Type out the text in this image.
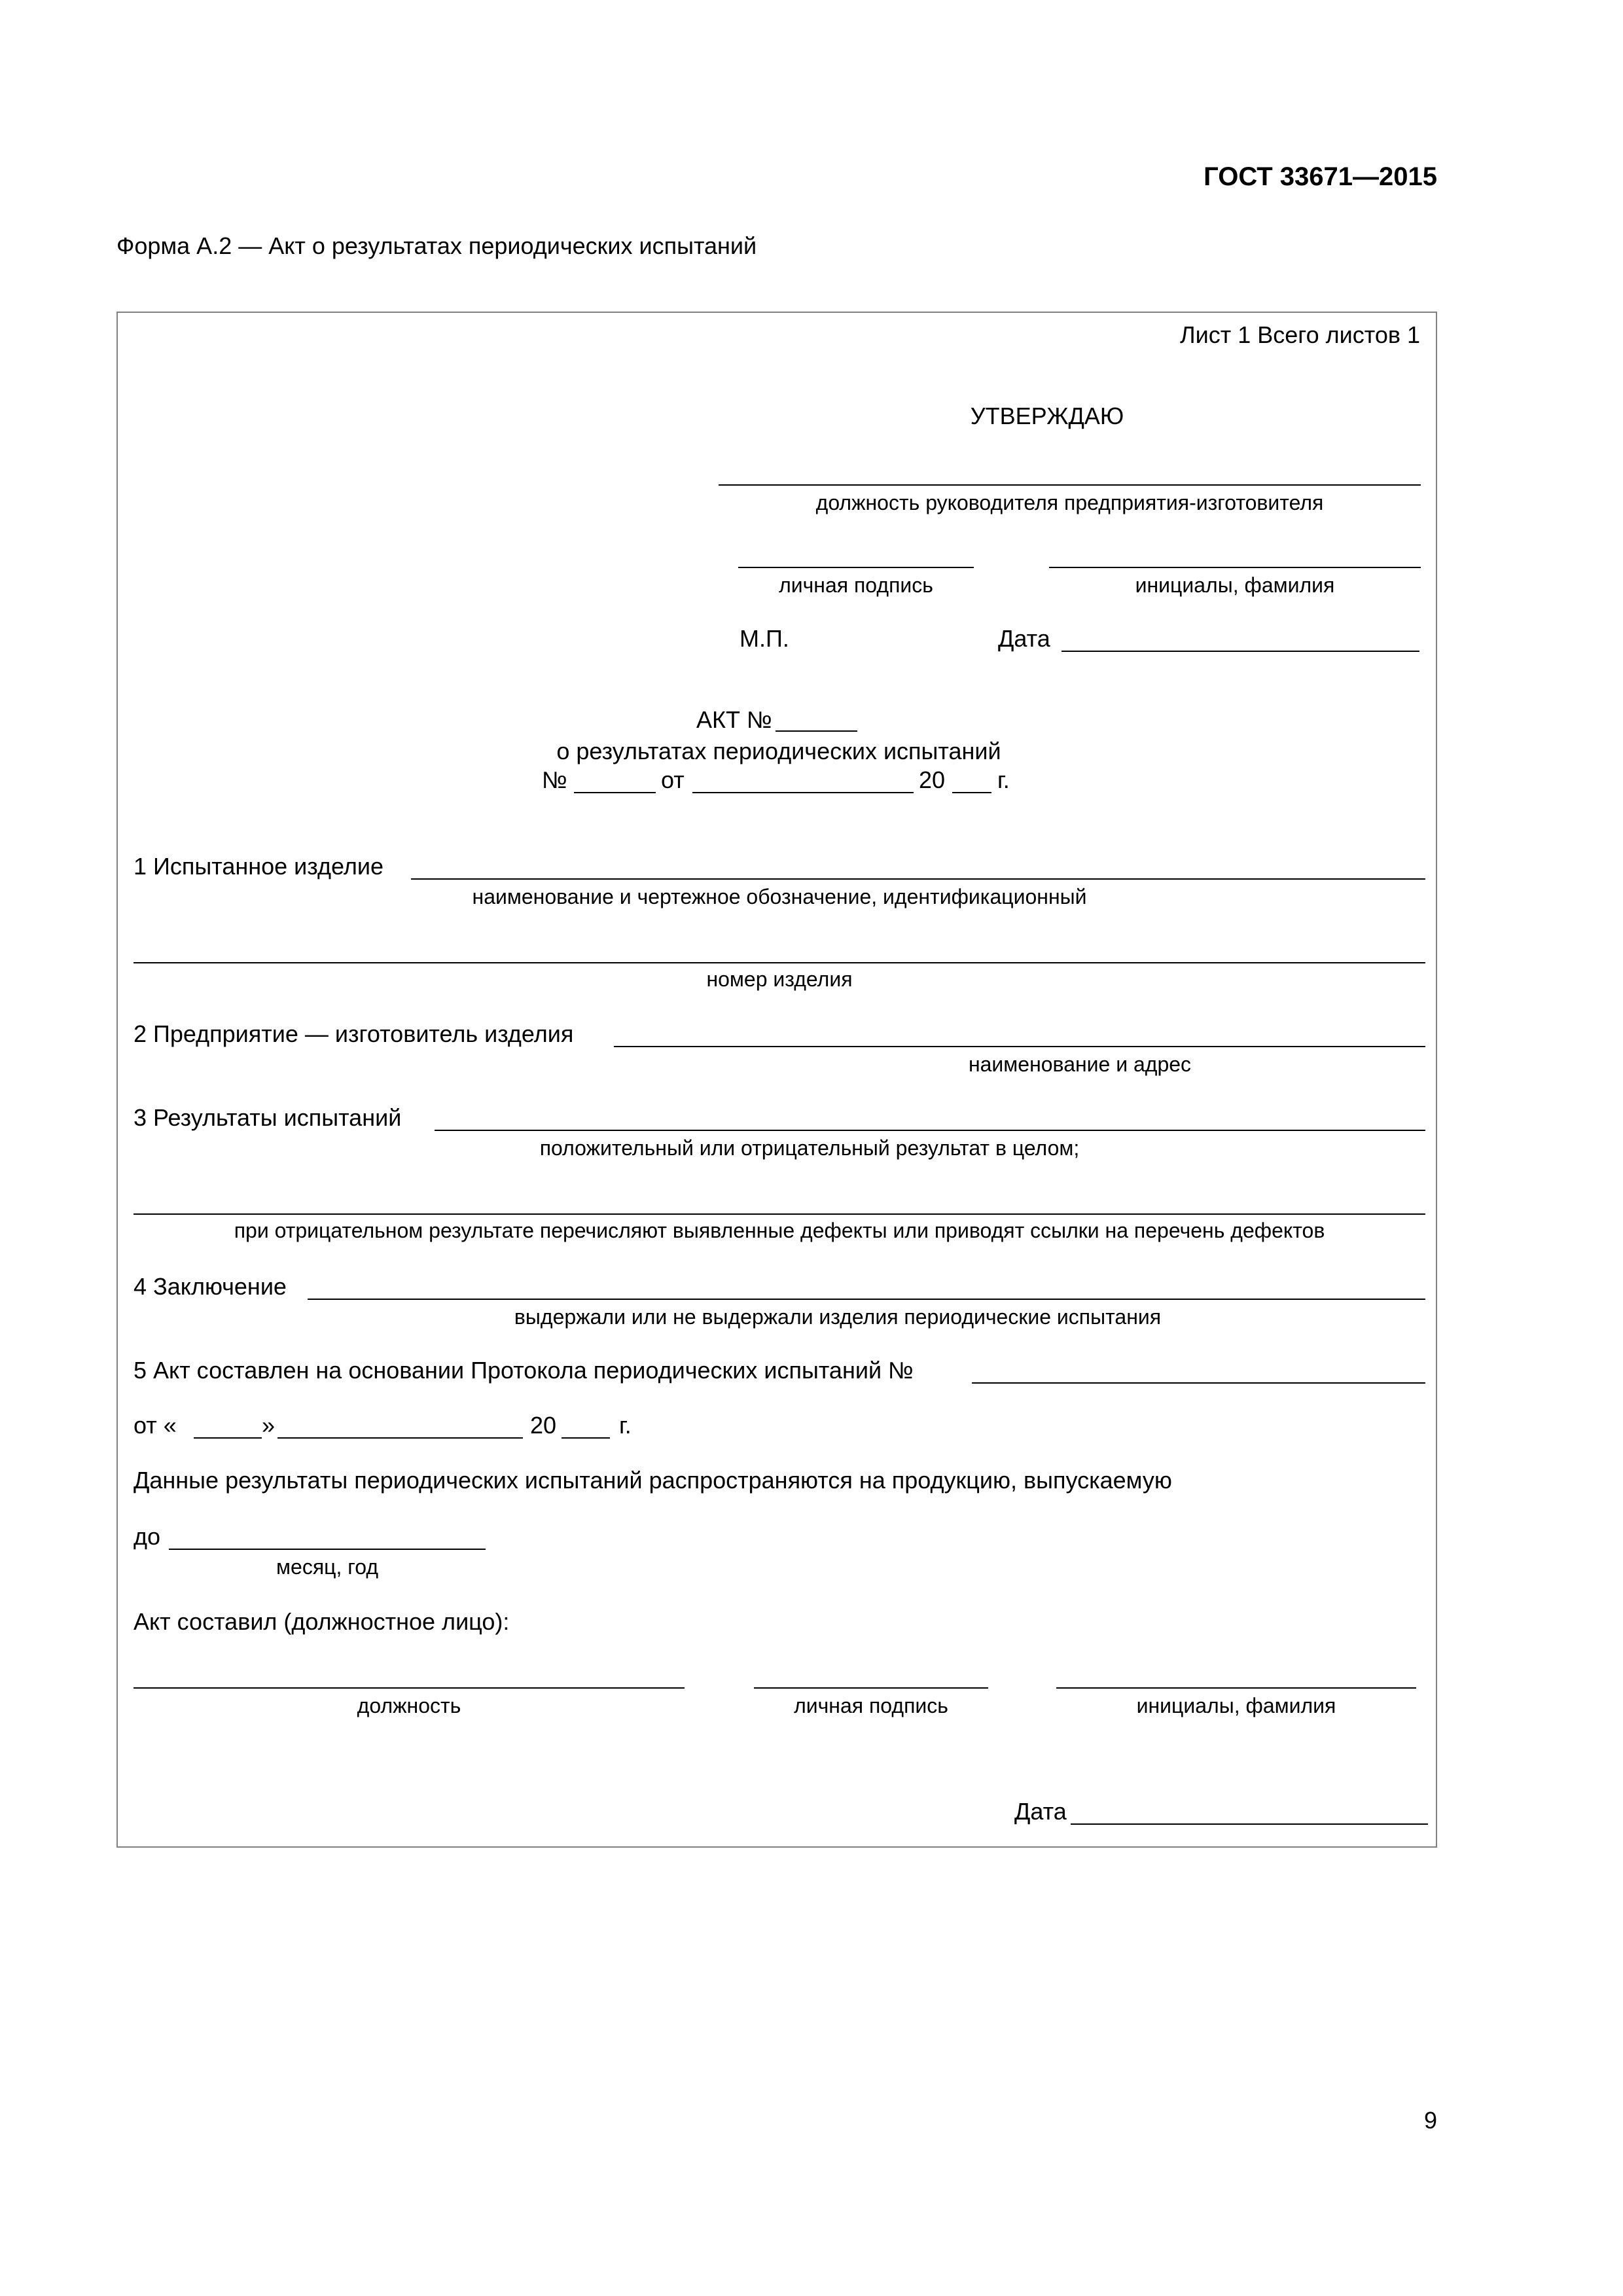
ГОСТ 33671—2015
Форма А.2 — Акт о результатах периодических испытаний
Лист 1 Всего листов 1
УТВЕРЖДАЮ
должность руководителя предприятия-изготовителя
личная подпись	инициалы, фамилия
М.П.	Дата
АКТ №
о результатах периодических испытаний
№	от	20 г.
1 Испытанное изделие
наименование и чертежное обозначение, идентификационный
номер изделия
2 Предприятие — изготовитель изделия
наименование и адрес
3 Результаты испытаний
положительный или отрицательный результат в целом;
при отрицательном результате перечисляют выявленные дефекты или приводят ссылки на перечень дефектов
4 Заключение
выдержали или не выдержали изделия периодические испытания
5 Акт составлен на основании Протокола периодических испытаний №
от «	»	20	г.
Данные результаты периодических испытаний распространяются на продукцию, выпускаемую
до
месяц, год
Акт составил (должностное лицо):
должность	личная подпись	инициалы, фамилия
Дата
9
